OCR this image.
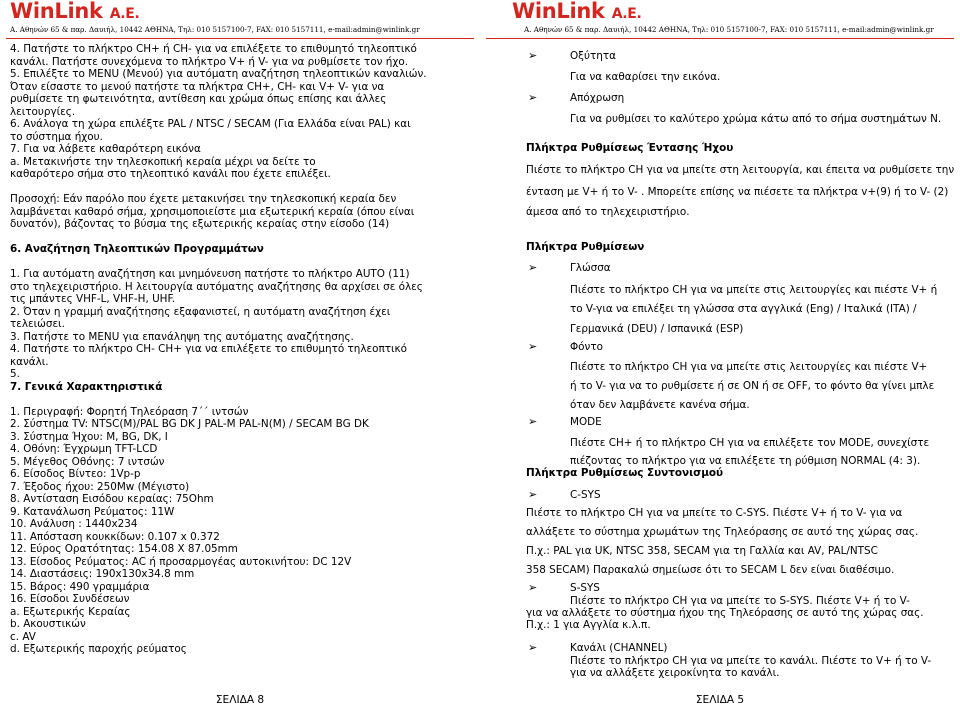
WinLink Α.Ε.
Α. Αθηνών 65 & παρ. Δαυιήλ, 10442 ΑΘΗΝΑ, Τηλ: 010 5157100-7, FAX: 010 5157111, e-mail:admin@winlink.gr
4. Πατήστε το πλήκτρο CH+ ή CH- για να επιλέξετε το επιθυμητό τηλεοπτικό
κανάλι. Πατήστε συνεχόμενα το πλήκτρο V+ ή V- για να ρυθμίσετε τον ήχο.
5. Επιλέξτε το MENU (Μενού) για αυτόματη αναζήτηση τηλεοπτικών καναλιών.
Όταν είσαστε το μενού πατήστε τα πλήκτρα CH+, CH- και V+ V- για να
ρυθμίσετε τη φωτεινότητα, αντίθεση και χρώμα όπως επίσης και άλλες
λειτουργίες.
6. Ανάλογα τη χώρα επιλέξτε PAL / NTSC / SECAM (Για Ελλάδα είναι PAL) και
το σύστημα ήχου.
7. Για να λάβετε καθαρότερη εικόνα
a. Μετακινήστε την τηλεσκοπική κεραία μέχρι να δείτε το
καθαρότερο σήμα στο τηλεοπτικό κανάλι που έχετε επιλέξει.
Προσοχή: Εάν παρόλο που έχετε μετακινήσει την τηλεσκοπική κεραία δεν
λαμβάνεται καθαρό σήμα, χρησιμοποιείστε μια εξωτερική κεραία (όπου είναι
δυνατόν), βάζοντας το βύσμα της εξωτερικής κεραίας στην είσοδο (14)
6. Αναζήτηση Τηλεοπτικών Προγραμμάτων
1. Για αυτόματη αναζήτηση και μνημόνευση πατήστε το πλήκτρο AUTO (11)
στο τηλεχειριστήριο. Η λειτουργία αυτόματης αναζήτησης θα αρχίσει σε όλες
τις μπάντες VHF-L, VHF-H, UHF.
2. Όταν η γραμμή αναζήτησης εξαφανιστεί, η αυτόματη αναζήτηση έχει
τελειώσει.
3. Πατήστε το MENU για επανάληψη της αυτόματης αναζήτησης.
4. Πατήστε το πλήκτρο CH- CH+ για να επιλέξετε το επιθυμητό τηλεοπτικό
κανάλι.
5.
7. Γενικά Χαρακτηριστικά
1. Περιγραφή: Φορητή Τηλεόραση 7΄΄ ιντσών
2. Σύστημα TV: NTSC(M)/PAL BG DK J PAL-M PAL-N(M) / SECAM BG DK
3. Σύστημα Ήχου: M, BG, DK, I
4. Οθόνη: Έγχρωμη TFT-LCD
5. Μέγεθος Οθόνης: 7 ιντσών
6. Είσοδος Βίντεο: 1Vp-p
7. Έξοδος ήχου: 250Mw (Μέγιστο)
8. Αντίσταση Εισόδου κεραίας: 75Ohm
9. Κατανάλωση Ρεύματος: 11W
10. Ανάλυση : 1440x234
11. Απόσταση κουκκίδων: 0.107 x 0.372
12. Εύρος Ορατότητας: 154.08 X 87.05mm
13. Είσοδος Ρεύματος: AC ή προσαρμογέας αυτοκινήτου: DC 12V
14. Διαστάσεις: 190x130x34.8 mm
15. Βάρος: 490 γραμμάρια
16. Είσοδοι Συνδέσεων
a. Εξωτερικής Κεραίας
b. Ακουστικών
c. AV
d. Εξωτερικής παροχής ρεύματος
ΣΕΛΙΔΑ 8
WinLink Α.Ε.
Α. Αθηνών 65 & παρ. Δαυιήλ, 10442 ΑΘΗΝΑ, Τηλ: 010 5157100-7, FAX: 010 5157111, e-mail:admin@winlink.gr
➢	Οξύτητα
Για να καθαρίσει την εικόνα.
➢	Απόχρωση
Για να ρυθμίσει το καλύτερο χρώμα κάτω από το σήμα συστημάτων N.
Πλήκτρα Ρυθμίσεως Έντασης Ήχου
Πιέστε το πλήκτρο CH για να μπείτε στη λειτουργία, και έπειτα να ρυθμίσετε την
ένταση με V+ ή το V- . Μπορείτε επίσης να πιέσετε τα πλήκτρα v+(9) ή το V- (2)
άμεσα από το τηλεχειριστήριο.
Πλήκτρα Ρυθμίσεων
➢	Γλώσσα
Πιέστε το πλήκτρο CH για να μπείτε στις λειτουργίες και πιέστε V+ ή
το V-για να επιλέξει τη γλώσσα στα αγγλικά (Eng) / Ιταλικά (ITA) /
Γερμανικά (DEU) / Ισπανικά (ESP)
➢	Φόντο
Πιέστε το πλήκτρο CH για να μπείτε στις λειτουργίες και πιέστε V+
ή το V- για να το ρυθμίσετε ή σε ON ή σε OFF, το φόντο θα γίνει μπλε
όταν δεν λαμβάνετε κανένα σήμα.
➢	MODE
Πιέστε CH+ ή το πλήκτρο CH για να επιλέξετε τον MODE, συνεχίστε
πιέζοντας το πλήκτρο για να επιλέξετε τη ρύθμιση NORMAL (4: 3).
Πλήκτρα Ρυθμίσεως Συντονισμού
➢	C-SYS
Πιέστε το πλήκτρο CH για να μπείτε το C-SYS. Πιέστε V+ ή το V- για να
αλλάξετε το σύστημα χρωμάτων της Τηλεόρασης σε αυτό της χώρας σας.
Π.χ.: PAL για UK, NTSC 358, SECAM για τη Γαλλία και AV, PAL/NTSC
358 SECAM) Παρακαλώ σημείωσε ότι το SECAM L δεν είναι διαθέσιμο.
➢	S-SYS
Πιέστε το πλήκτρο CH για να μπείτε το S-SYS. Πιέστε V+ ή το V-
για να αλλάξετε το σύστημα ήχου της Τηλεόρασης σε αυτό της χώρας σας.
Π.χ.: 1 για Αγγλία κ.λ.π.
➢	Κανάλι (CHANNEL)
Πιέστε το πλήκτρο CH για να μπείτε το κανάλι. Πιέστε το V+ ή το V-
για να αλλάξετε χειροκίνητα το κανάλι.
ΣΕΛΙΔΑ 5
